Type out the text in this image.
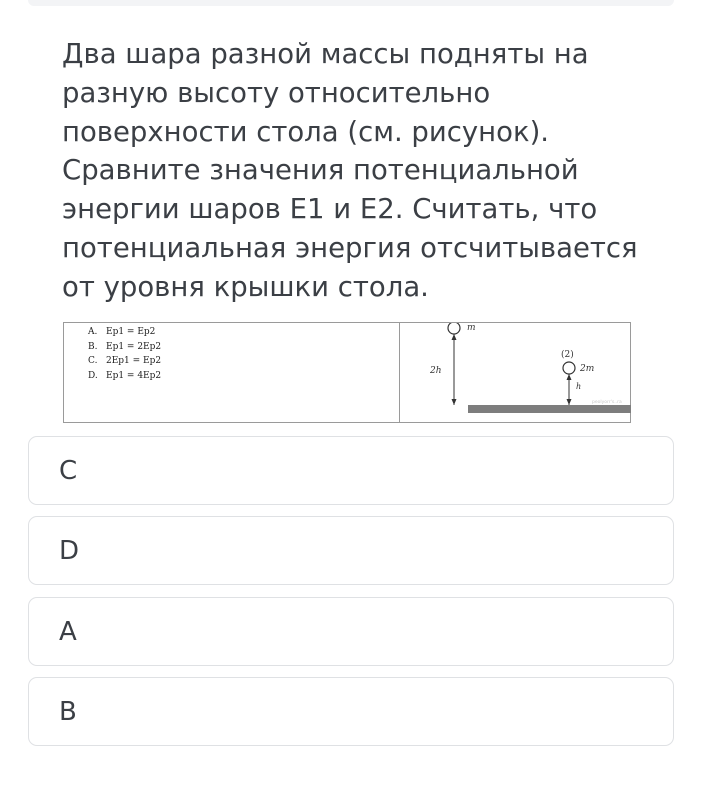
Два шара разной массы подняты на
разную высоту относительно
поверхности стола (см. рисунок).
Сравните значения потенциальной
энергии шаров E1 и E2. Считать, что
потенциальная энергия отсчитывается
от уровня крышки стола.

A. Ep1 = Ep2
B. Ep1 = 2Ep2
C. 2Ep1 = Ep2
D. Ep1 = 4Ep2
m
2h
(2)
2m
h
peolyorr's..ra
C
D
A
B
